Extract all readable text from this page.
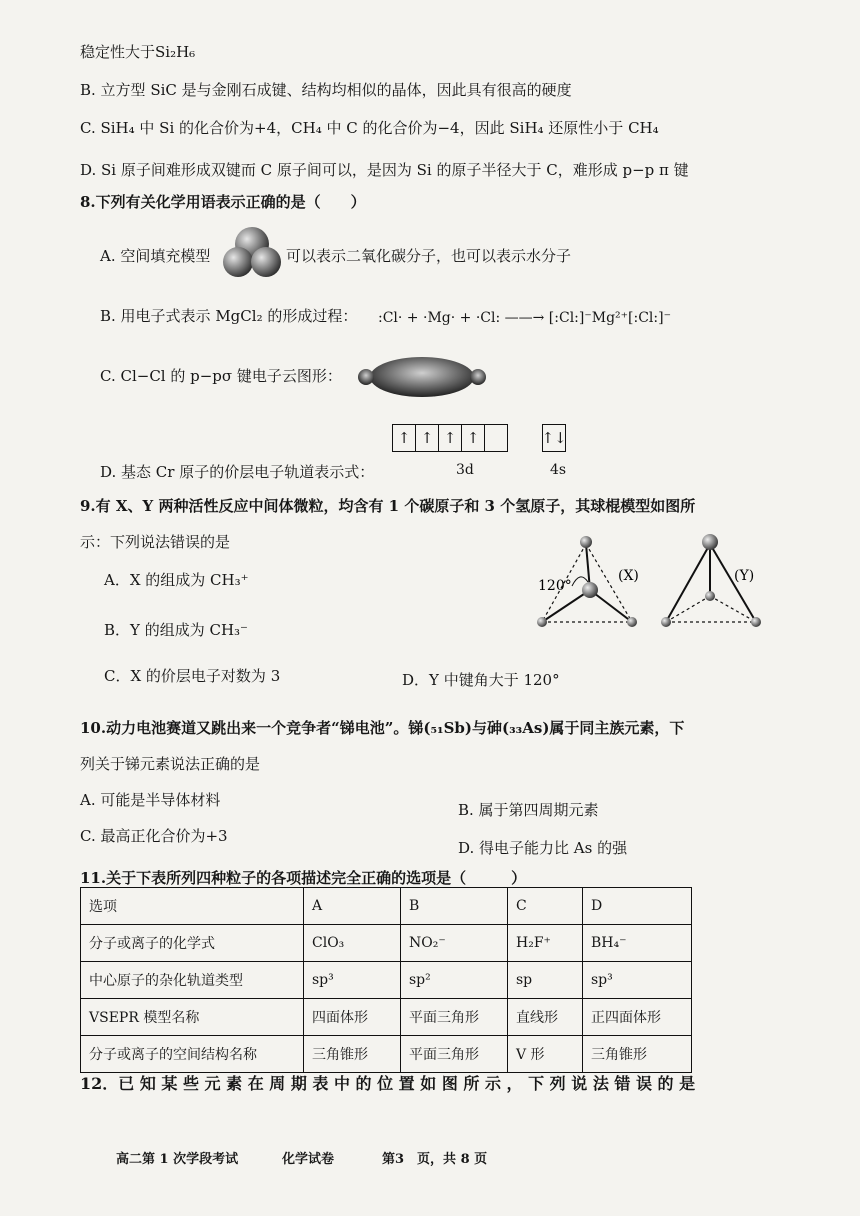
稳定性大于Si₂H₆
B. 立方型 SiC 是与金刚石成键、结构均相似的晶体，因此具有很高的硬度
C. SiH₄ 中 Si 的化合价为+4，CH₄ 中 C 的化合价为−4，因此 SiH₄ 还原性小于 CH₄
D. Si 原子间难形成双键而 C 原子间可以，是因为 Si 的原子半径大于 C，难形成 p−p π 键
8.下列有关化学用语表示正确的是（　　）
A. 空间填充模型	可以表示二氧化碳分子，也可以表示水分子
B. 用电子式表示 MgCl₂ 的形成过程： :Cl· + ·Mg· + ·Cl: ——→ [:Cl:]⁻Mg²⁺[:Cl:]⁻
C. Cl−Cl 的 p−pσ 键电子云图形：
↑ ↑ ↑ ↑	↑↓
D. 基态 Cr 原子的价层电子轨道表示式：	3d	4s
9.有 X、Y 两种活性反应中间体微粒，均含有 1 个碳原子和 3 个氢原子，其球棍模型如图所
示：下列说法错误的是
A．X 的组成为 CH₃⁺
B．Y 的组成为 CH₃⁻
C．X 的价层电子对数为 3	D．Y 中键角大于 120°
120°
(X)	(Y)
10.动力电池赛道又跳出来一个竞争者“锑电池”。锑(₅₁Sb)与砷(₃₃As)属于同主族元素，下
列关于锑元素说法正确的是
A. 可能是半导体材料
B. 属于第四周期元素
C. 最高正化合价为+3
D. 得电子能力比 As 的强
11.关于下表所列四种粒子的各项描述完全正确的选项是（　　　）
选项	A	B	C	D
分子或离子的化学式	ClO₃	NO₂⁻	H₂F⁺	BH₄⁻
中心原子的杂化轨道类型	sp³	sp²	sp	sp³
VSEPR 模型名称	四面体形	平面三角形	直线形	正四面体形
分子或离子的空间结构名称	三角锥形	平面三角形	V 形	三角锥形
12．已 知 某 些 元 素 在 周 期 表 中 的 位 置 如 图 所 示 ， 下 列 说 法 错 误 的 是
高二第 1 次学段考试	化学试卷	第3　页，共 8 页
